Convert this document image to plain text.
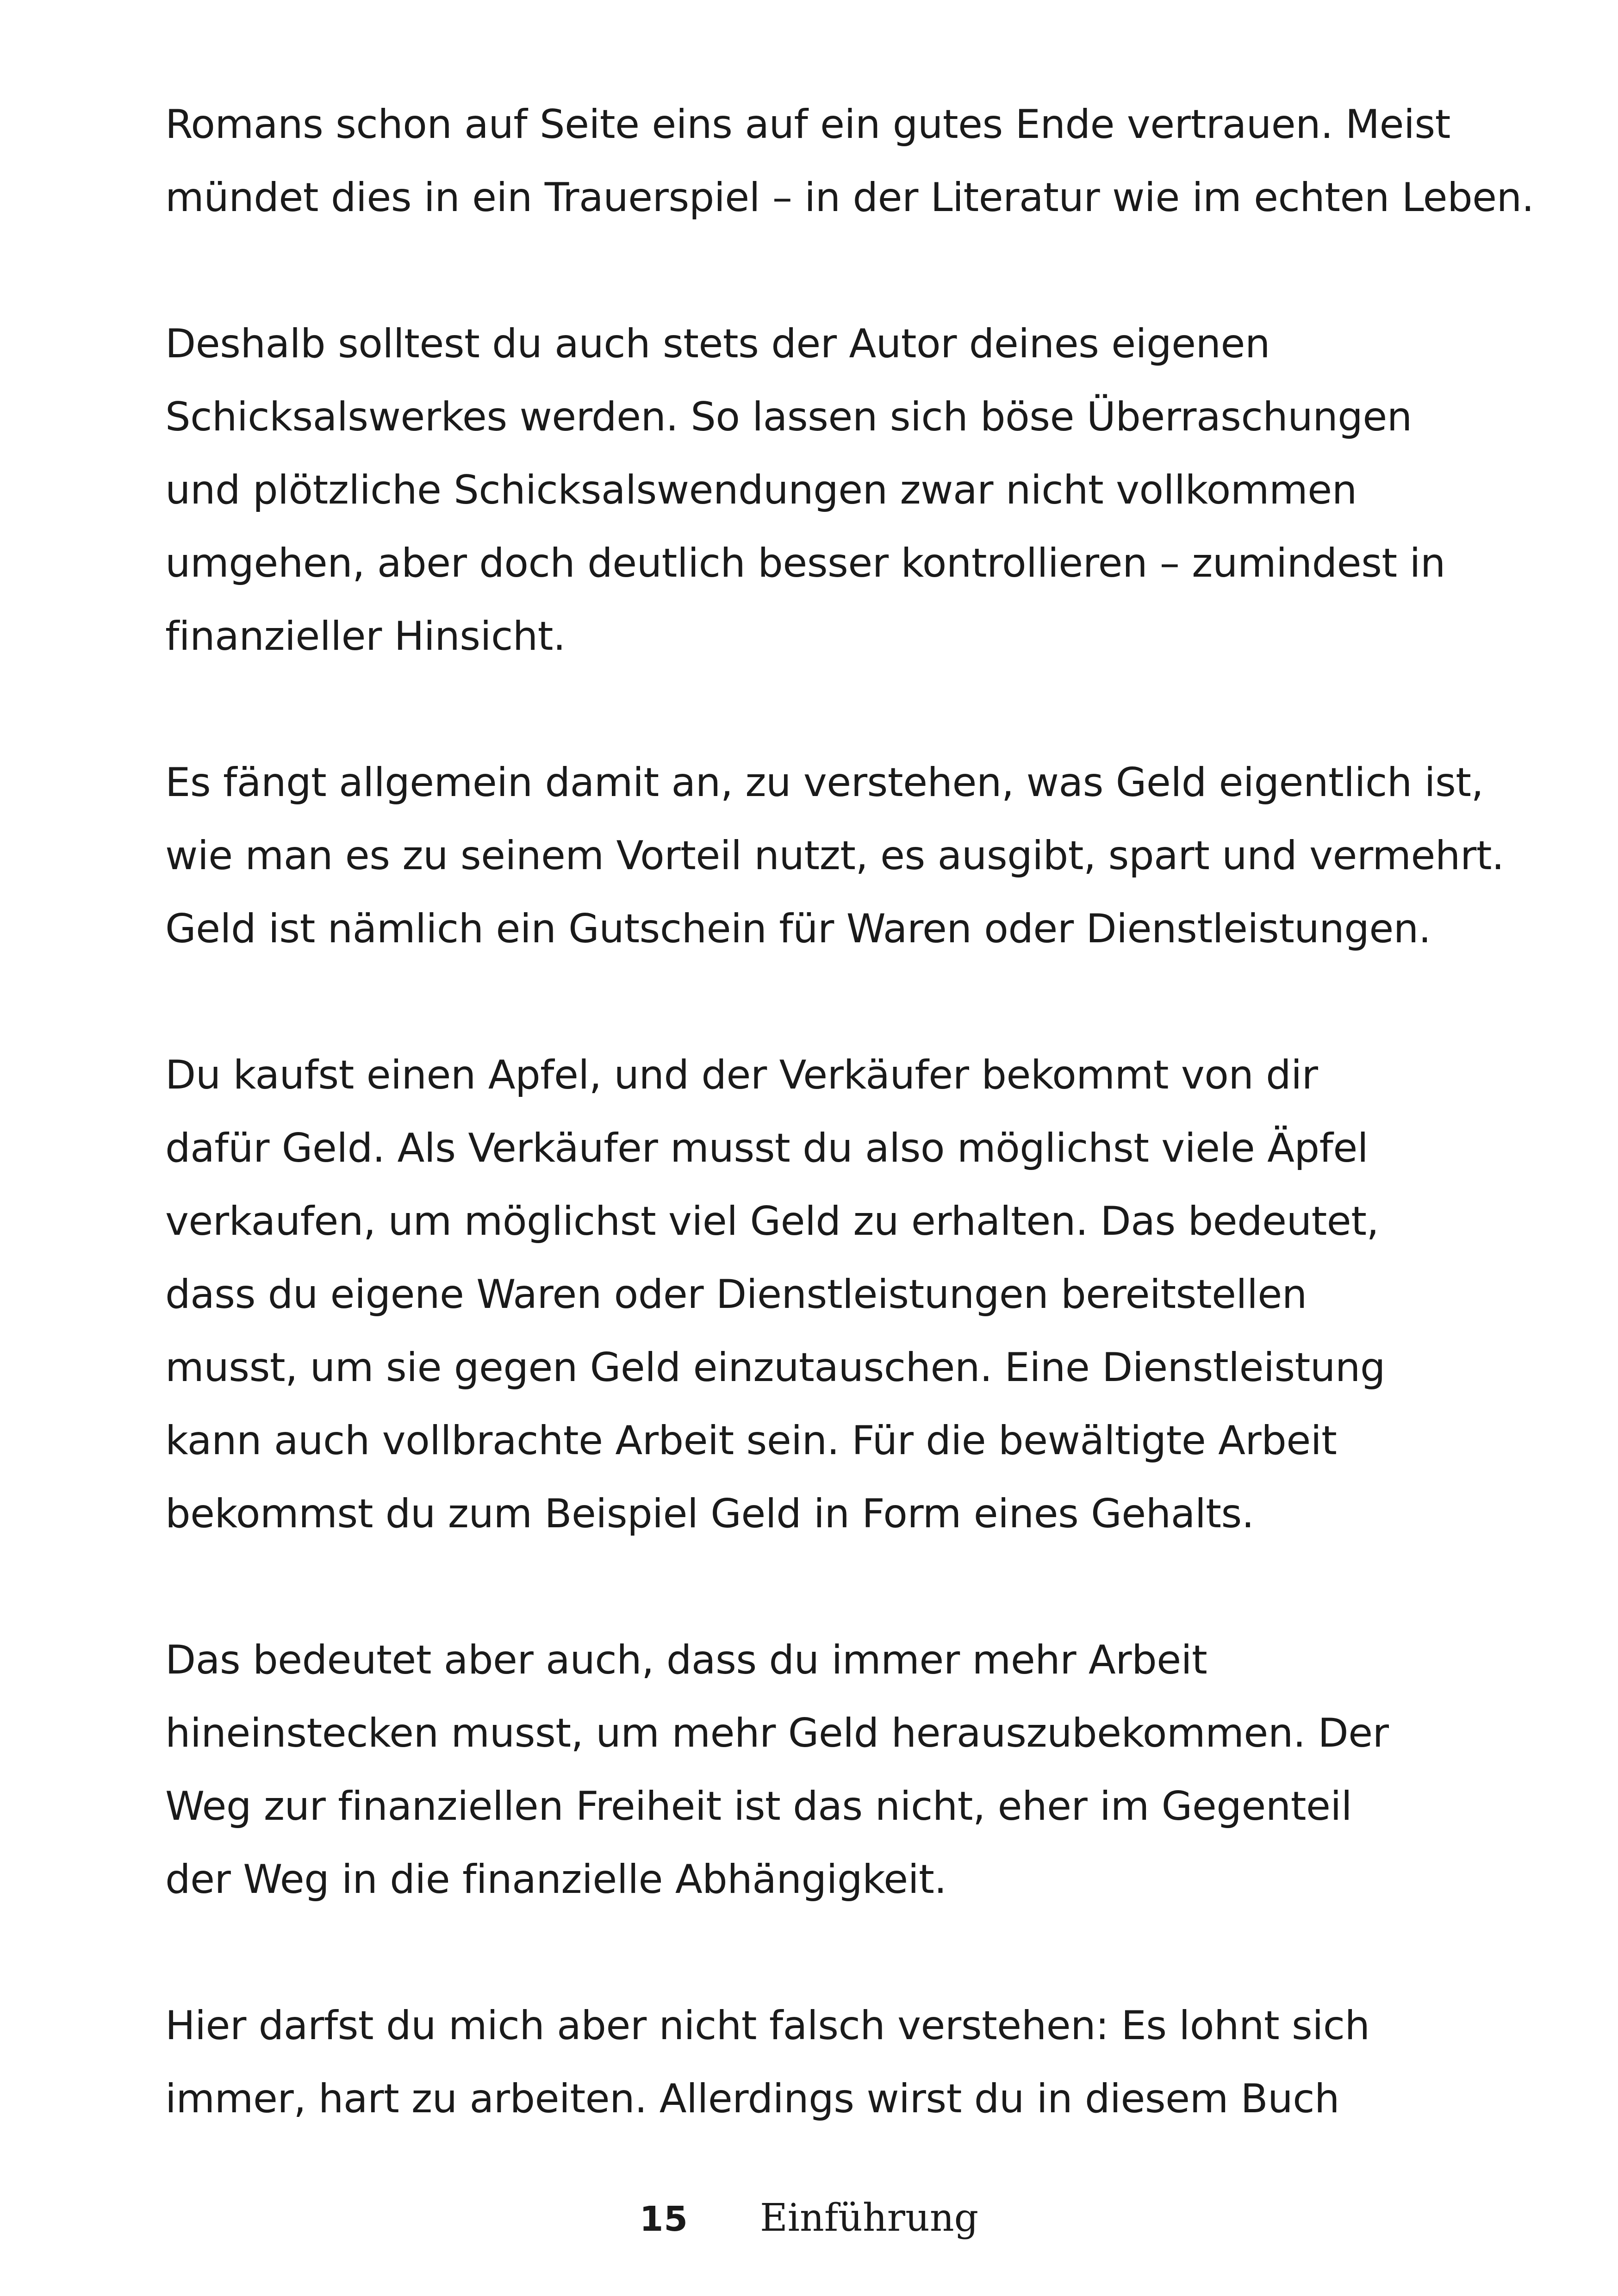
Romans schon auf Seite eins auf ein gutes Ende vertrauen. Meist
mündet dies in ein Trauerspiel – in der Literatur wie im echten Leben.

Deshalb solltest du auch stets der Autor deines eigenen
Schicksalswerkes werden. So lassen sich böse Überraschungen
und plötzliche Schicksalswendungen zwar nicht vollkommen
umgehen, aber doch deutlich besser kontrollieren – zumindest in
finanzieller Hinsicht.

Es fängt allgemein damit an, zu verstehen, was Geld eigentlich ist,
wie man es zu seinem Vorteil nutzt, es ausgibt, spart und vermehrt.
Geld ist nämlich ein Gutschein für Waren oder Dienstleistungen.

Du kaufst einen Apfel, und der Verkäufer bekommt von dir
dafür Geld. Als Verkäufer musst du also möglichst viele Äpfel
verkaufen, um möglichst viel Geld zu erhalten. Das bedeutet,
dass du eigene Waren oder Dienstleistungen bereitstellen
musst, um sie gegen Geld einzutauschen. Eine Dienstleistung
kann auch vollbrachte Arbeit sein. Für die bewältigte Arbeit
bekommst du zum Beispiel Geld in Form eines Gehalts.

Das bedeutet aber auch, dass du immer mehr Arbeit
hineinstecken musst, um mehr Geld herauszubekommen. Der
Weg zur finanziellen Freiheit ist das nicht, eher im Gegenteil
der Weg in die finanzielle Abhängigkeit.

Hier darfst du mich aber nicht falsch verstehen: Es lohnt sich
immer, hart zu arbeiten. Allerdings wirst du in diesem Buch

15 Einführung
